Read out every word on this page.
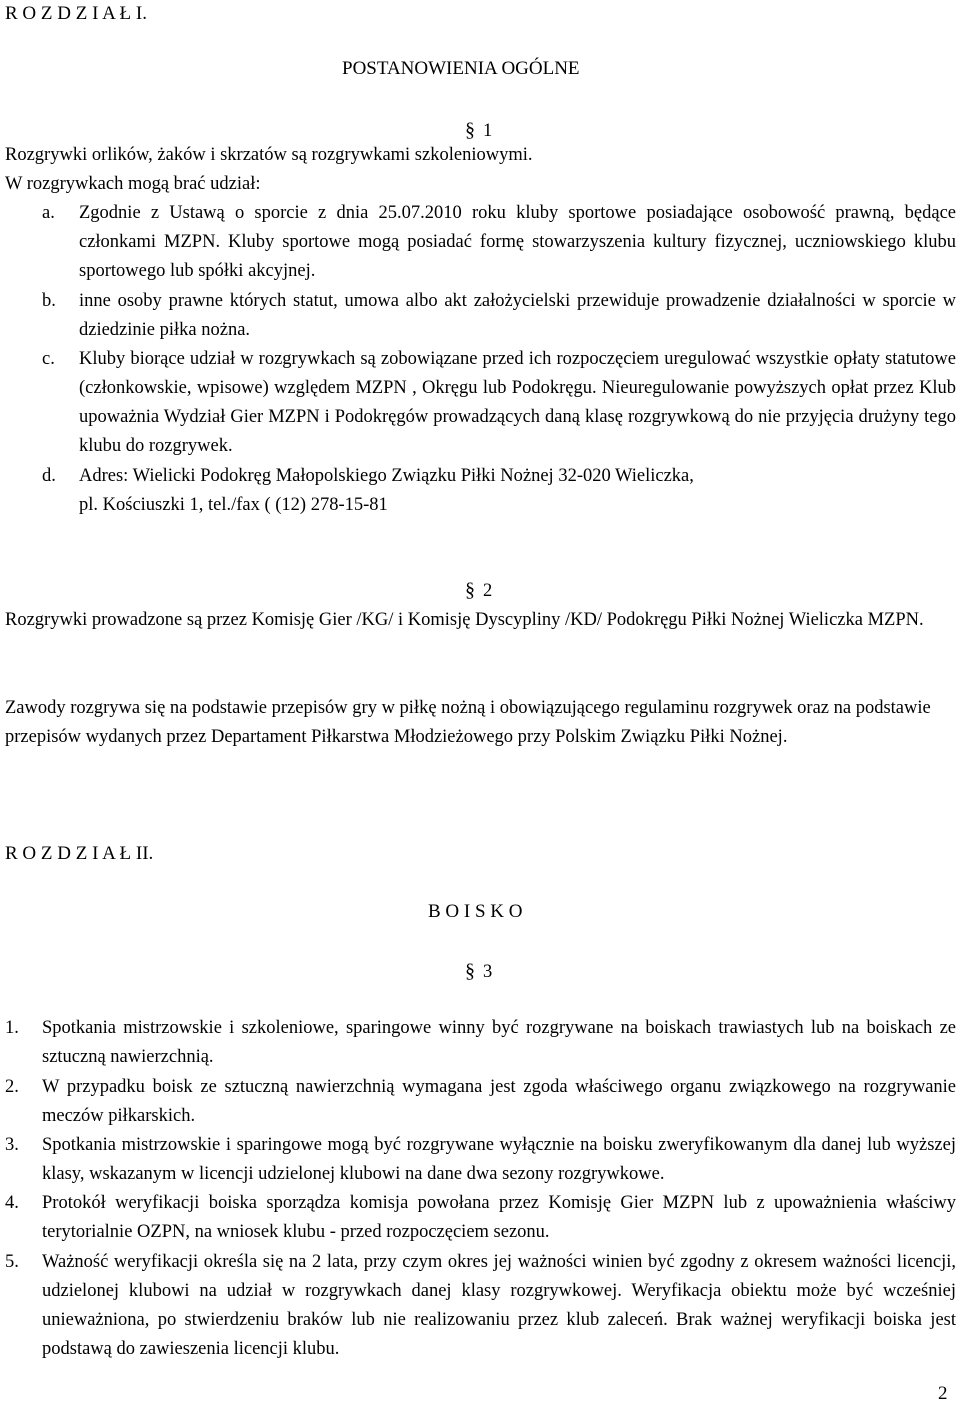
R O Z D Z I A Ł I.
POSTANOWIENIA OGÓLNE
§ 1
Rozgrywki orlików, żaków i skrzatów są rozgrywkami szkoleniowymi.
W rozgrywkach mogą brać udział:
a. Zgodnie z Ustawą o sporcie z dnia 25.07.2010 roku kluby sportowe posiadające osobowość prawną, będące członkami MZPN. Kluby sportowe mogą posiadać formę stowarzyszenia kultury fizycznej, uczniowskiego klubu sportowego lub spółki akcyjnej.
b. inne osoby prawne których statut, umowa albo akt założycielski przewiduje prowadzenie działalności w sporcie w dziedzinie piłka nożna.
c. Kluby biorące udział w rozgrywkach są zobowiązane przed ich rozpoczęciem uregulować wszystkie opłaty statutowe (członkowskie, wpisowe) względem MZPN , Okręgu lub Podokręgu. Nieuregulowanie powyższych opłat przez Klub upoważnia Wydział Gier MZPN i Podokręgów prowadzących daną klasę rozgrywkową do nie przyjęcia drużyny tego klubu do rozgrywek.
d. Adres: Wielicki Podokręg Małopolskiego Związku Piłki Nożnej 32-020 Wieliczka,
pl. Kościuszki 1, tel./fax ( (12) 278-15-81
§ 2
Rozgrywki prowadzone są przez Komisję Gier /KG/ i Komisję Dyscypliny /KD/ Podokręgu Piłki Nożnej Wieliczka MZPN.
Zawody rozgrywa się na podstawie przepisów gry w piłkę nożną i obowiązującego regulaminu rozgrywek oraz na podstawie przepisów wydanych przez Departament Piłkarstwa Młodzieżowego przy Polskim Związku Piłki Nożnej.
R O Z D Z I A Ł II.
B O I S K O
§ 3
1. Spotkania mistrzowskie i szkoleniowe, sparingowe winny być rozgrywane na boiskach trawiastych lub na boiskach ze sztuczną nawierzchnią.
2. W przypadku boisk ze sztuczną nawierzchnią wymagana jest zgoda właściwego organu związkowego na rozgrywanie meczów piłkarskich.
3. Spotkania mistrzowskie i sparingowe mogą być rozgrywane wyłącznie na boisku zweryfikowanym dla danej lub wyższej klasy, wskazanym w licencji udzielonej klubowi na dane dwa sezony rozgrywkowe.
4. Protokół weryfikacji boiska sporządza komisja powołana przez Komisję Gier MZPN lub z upoważnienia właściwy terytorialnie OZPN, na wniosek klubu - przed rozpoczęciem sezonu.
5. Ważność weryfikacji określa się na 2 lata, przy czym okres jej ważności winien być zgodny z okresem ważności licencji, udzielonej klubowi na udział w rozgrywkach danej klasy rozgrywkowej. Weryfikacja obiektu może być wcześniej unieważniona, po stwierdzeniu braków lub nie realizowaniu przez klub zaleceń. Brak ważnej weryfikacji boiska jest podstawą do zawieszenia licencji klubu.
2
